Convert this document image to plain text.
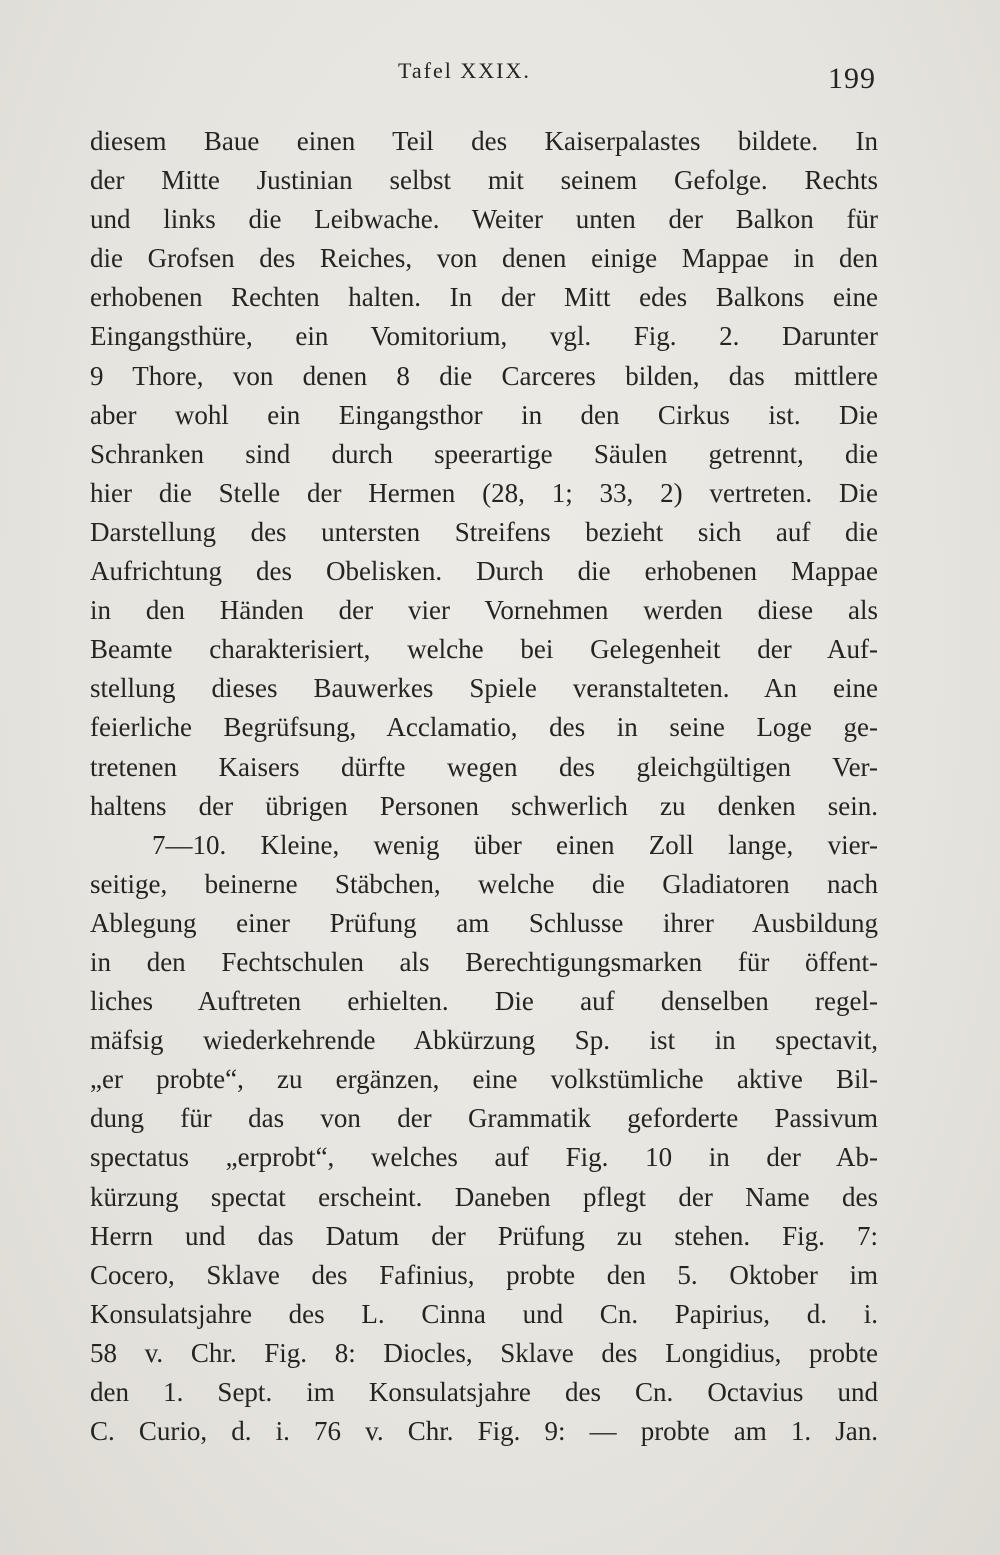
Tafel XXIX.	199
diesem Baue einen Teil des Kaiserpalastes bildete. In
der Mitte Justinian selbst mit seinem Gefolge. Rechts
und links die Leibwache. Weiter unten der Balkon für
die Grofsen des Reiches, von denen einige Mappae in den
erhobenen Rechten halten. In der Mitt edes Balkons eine
Eingangsthüre, ein Vomitorium, vgl. Fig. 2. Darunter
9 Thore, von denen 8 die Carceres bilden, das mittlere
aber wohl ein Eingangsthor in den Cirkus ist. Die
Schranken sind durch speerartige Säulen getrennt, die
hier die Stelle der Hermen (28, 1; 33, 2) vertreten. Die
Darstellung des untersten Streifens bezieht sich auf die
Aufrichtung des Obelisken. Durch die erhobenen Mappae
in den Händen der vier Vornehmen werden diese als
Beamte charakterisiert, welche bei Gelegenheit der Auf-
stellung dieses Bauwerkes Spiele veranstalteten. An eine
feierliche Begrüfsung, Acclamatio, des in seine Loge ge-
tretenen Kaisers dürfte wegen des gleichgültigen Ver-
haltens der übrigen Personen schwerlich zu denken sein.
7—10. Kleine, wenig über einen Zoll lange, vier-
seitige, beinerne Stäbchen, welche die Gladiatoren nach
Ablegung einer Prüfung am Schlusse ihrer Ausbildung
in den Fechtschulen als Berechtigungsmarken für öffent-
liches Auftreten erhielten. Die auf denselben regel-
mäfsig wiederkehrende Abkürzung Sp. ist in spectavit,
„er probte“, zu ergänzen, eine volkstümliche aktive Bil-
dung für das von der Grammatik geforderte Passivum
spectatus „erprobt“, welches auf Fig. 10 in der Ab-
kürzung spectat erscheint. Daneben pflegt der Name des
Herrn und das Datum der Prüfung zu stehen. Fig. 7:
Cocero, Sklave des Fafinius, probte den 5. Oktober im
Konsulatsjahre des L. Cinna und Cn. Papirius, d. i.
58 v. Chr. Fig. 8: Diocles, Sklave des Longidius, probte
den 1. Sept. im Konsulatsjahre des Cn. Octavius und
C. Curio, d. i. 76 v. Chr. Fig. 9: — probte am 1. Jan.
